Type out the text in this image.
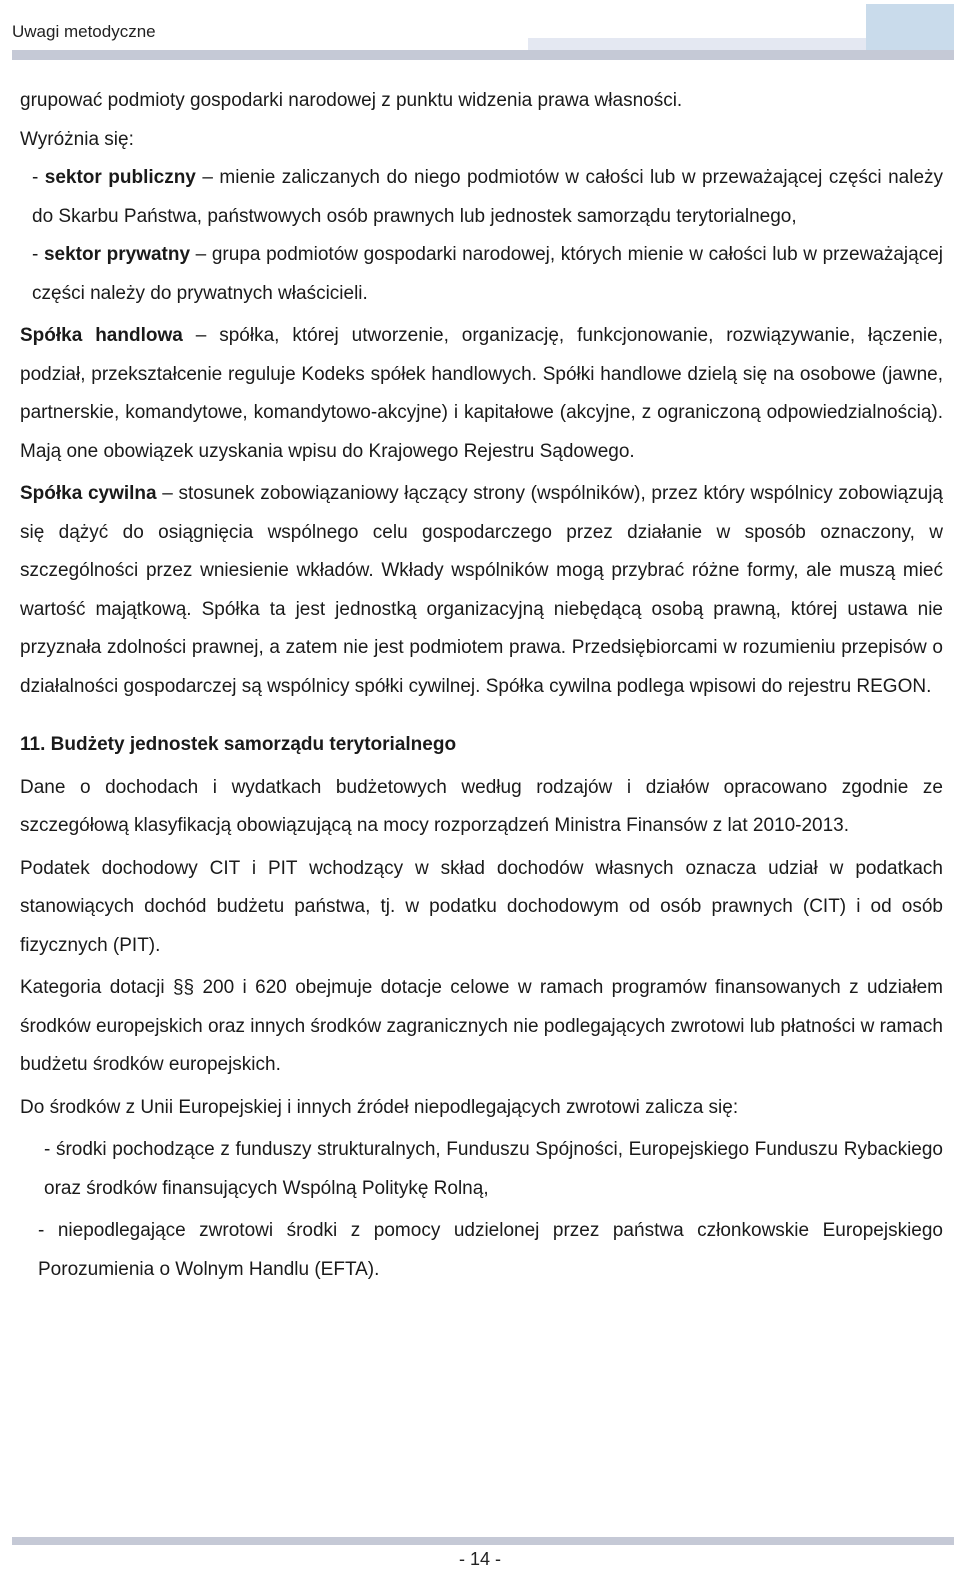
Uwagi metodyczne

grupować podmioty gospodarki narodowej z punktu widzenia prawa własności.

Wyróżnia się:

- sektor publiczny – mienie zaliczanych do niego podmiotów w całości lub w przeważającej części należy do Skarbu Państwa, państwowych osób prawnych lub jednostek samorządu terytorialnego,

- sektor prywatny – grupa podmiotów gospodarki narodowej, których mienie w całości lub w przeważającej części należy do prywatnych właścicieli.

Spółka handlowa – spółka, której utworzenie, organizację, funkcjonowanie, rozwiązywanie, łączenie, podział, przekształcenie reguluje Kodeks spółek handlowych. Spółki handlowe dzielą się na osobowe (jawne, partnerskie, komandytowe, komandytowo-akcyjne) i kapitałowe (akcyjne, z ograniczoną odpowiedzialnością). Mają one obowiązek uzyskania wpisu do Krajowego Rejestru Sądowego.

Spółka cywilna – stosunek zobowiązaniowy łączący strony (wspólników), przez który wspólnicy zobowiązują się dążyć do osiągnięcia wspólnego celu gospodarczego przez działanie w sposób oznaczony, w szczególności przez wniesienie wkładów. Wkłady wspólników mogą przybrać różne formy, ale muszą mieć wartość majątkową. Spółka ta jest jednostką organizacyjną niebędącą osobą prawną, której ustawa nie przyznała zdolności prawnej, a zatem nie jest podmiotem prawa. Przedsiębiorcami w rozumieniu przepisów o działalności gospodarczej są wspólnicy spółki cywilnej. Spółka cywilna podlega wpisowi do rejestru REGON.

11. Budżety jednostek samorządu terytorialnego

Dane o dochodach i wydatkach budżetowych według rodzajów i działów opracowano zgodnie ze szczegółową klasyfikacją obowiązującą na mocy rozporządzeń Ministra Finansów z lat 2010-2013.

Podatek dochodowy CIT i PIT wchodzący w skład dochodów własnych oznacza udział w podatkach stanowiących dochód budżetu państwa, tj. w podatku dochodowym od osób prawnych (CIT) i od osób fizycznych (PIT).

Kategoria dotacji §§ 200 i 620 obejmuje dotacje celowe w ramach programów finansowanych z udziałem środków europejskich oraz innych środków zagranicznych nie podlegających zwrotowi lub płatności w ramach budżetu środków europejskich.

Do środków z Unii Europejskiej i innych źródeł niepodlegających zwrotowi zalicza się:

- środki pochodzące z funduszy strukturalnych, Funduszu Spójności, Europejskiego Funduszu Rybackiego oraz środków finansujących Wspólną Politykę Rolną,

- niepodlegające zwrotowi środki z pomocy udzielonej przez państwa członkowskie Europejskiego Porozumienia o Wolnym Handlu (EFTA).

- 14 -
